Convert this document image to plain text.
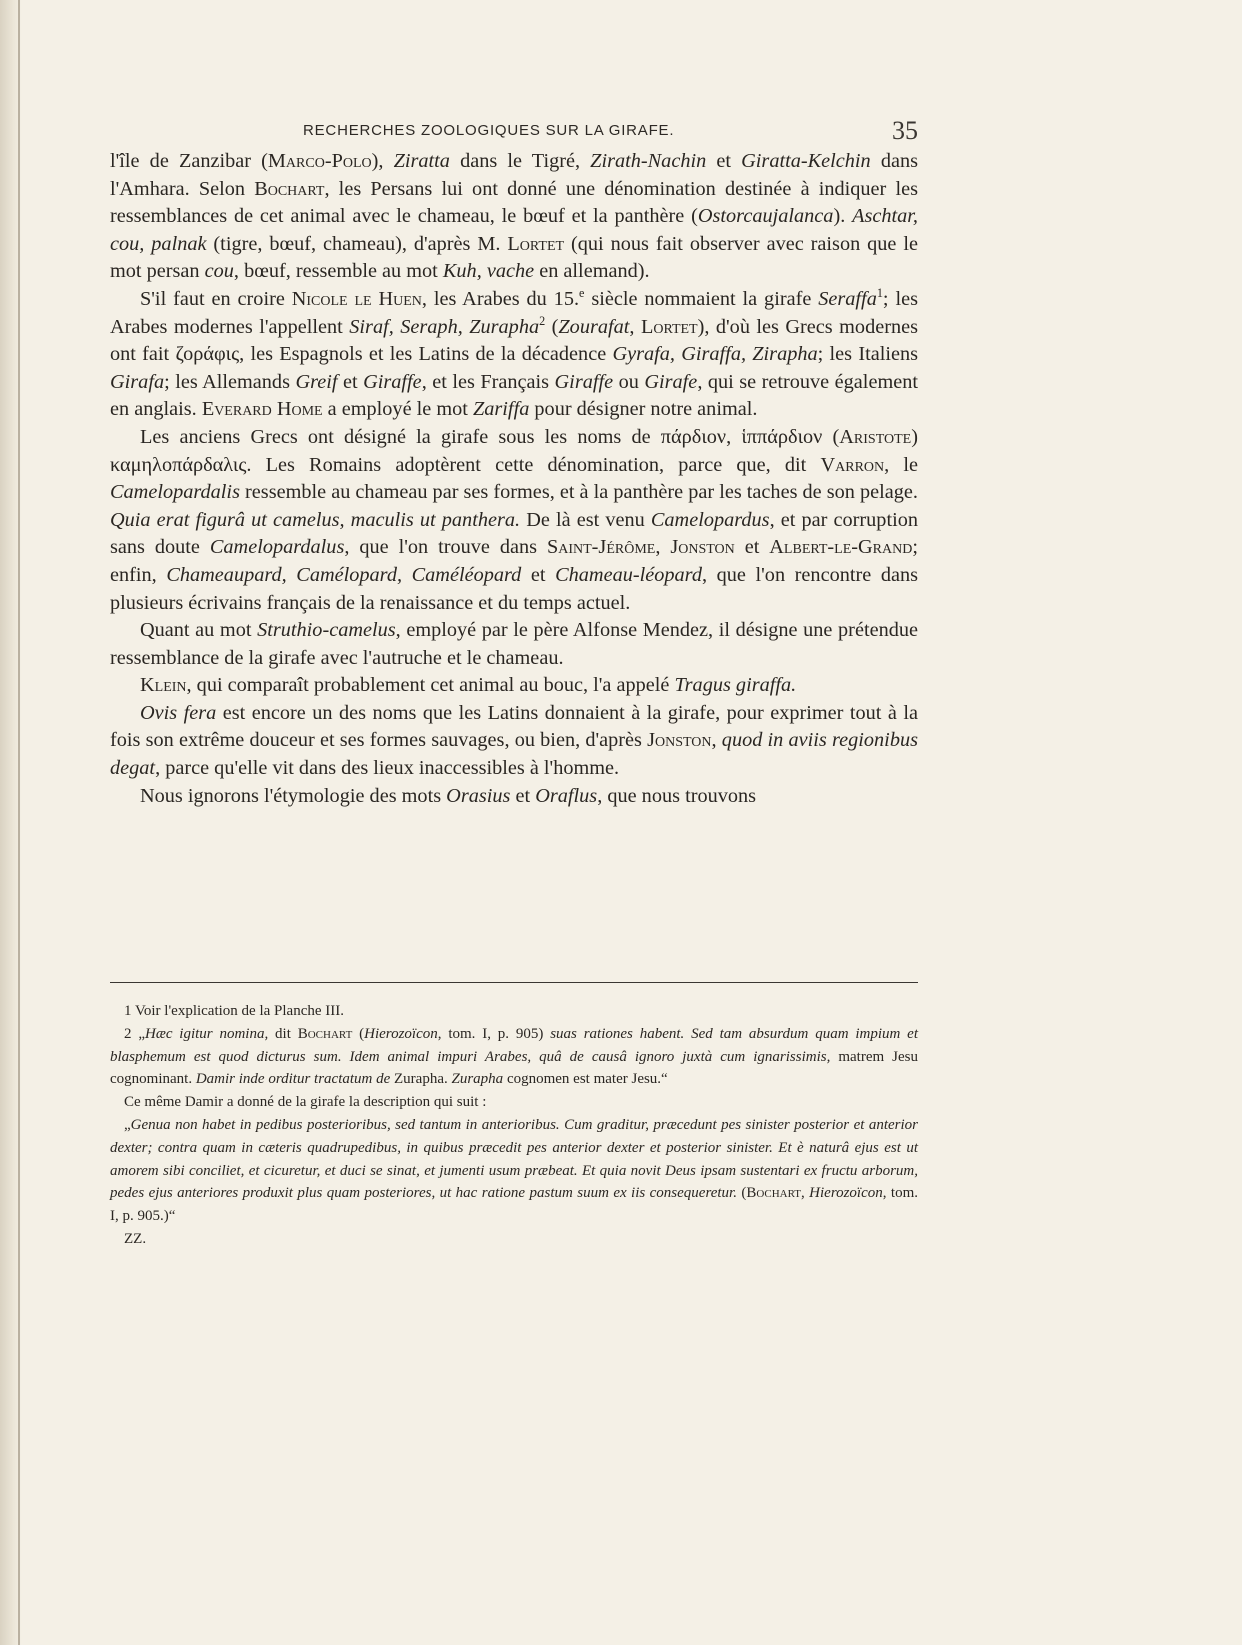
RECHERCHES ZOOLOGIQUES SUR LA GIRAFE.	35

l'île de Zanzibar (Marco-Polo), Ziratta dans le Tigré, Zirath-Nachin et Giratta-Kelchin dans l'Amhara. Selon Bochart, les Persans lui ont donné une dénomination destinée à indiquer les ressemblances de cet animal avec le chameau, le bœuf et la panthère (Ostorcaujalanca). Aschtar, cou, palnak (tigre, bœuf, chameau), d'après M. Lortet (qui nous fait observer avec raison que le mot persan cou, bœuf, ressemble au mot Kuh, vache en allemand).

S'il faut en croire Nicole le Huen, les Arabes du 15.$^e$ siècle nommaient la girafe Seraffa$^1$; les Arabes modernes l'appellent Siraf, Seraph, Zurapha$^2$ (Zourafat, Lortet), d'où les Grecs modernes ont fait ζοράφις, les Espagnols et les Latins de la décadence Gyrafa, Giraffa, Zirapha; les Italiens Girafa; les Allemands Greif et Giraffe, et les Français Giraffe ou Girafe, qui se retrouve également en anglais. Everard Home a employé le mot Zariffa pour désigner notre animal.

Les anciens Grecs ont désigné la girafe sous les noms de πάρδιον, ἱππάρδιον (Aristote) καμηλοπάρδαλις. Les Romains adoptèrent cette dénomination, parce que, dit Varron, le Camelopardalis ressemble au chameau par ses formes, et à la panthère par les taches de son pelage. Quia erat figurâ ut camelus, maculis ut panthera. De là est venu Camelopardus, et par corruption sans doute Camelopardalus, que l'on trouve dans Saint-Jérôme, Jonston et Albert-le-Grand; enfin, Chameaupard, Camélopard, Caméléopard et Chameau-léopard, que l'on rencontre dans plusieurs écrivains français de la renaissance et du temps actuel.

Quant au mot Struthio-camelus, employé par le père Alfonse Mendez, il désigne une prétendue ressemblance de la girafe avec l'autruche et le chameau.

Klein, qui comparaît probablement cet animal au bouc, l'a appelé Tragus giraffa.

Ovis fera est encore un des noms que les Latins donnaient à la girafe, pour exprimer tout à la fois son extrême douceur et ses formes sauvages, ou bien, d'après Jonston, quod in aviis regionibus degat, parce qu'elle vit dans des lieux inaccessibles à l'homme.

Nous ignorons l'étymologie des mots Orasius et Oraflus, que nous trouvons

1 Voir l'explication de la Planche III.

2 „Hæc igitur nomina, dit Bochart (Hierozoïcon, tom. I, p. 905) suas rationes habent. Sed tam absurdum quam impium et blasphemum est quod dicturus sum. Idem animal impuri Arabes, quâ de causâ ignoro juxtà cum ignarissimis, matrem Jesu cognominant. Damir inde orditur tractatum de Zurapha. Zurapha cognomen est mater Jesu.“

Ce même Damir a donné de la girafe la description qui suit :

„Genua non habet in pedibus posterioribus, sed tantum in anterioribus. Cum graditur, præcedunt pes sinister posterior et anterior dexter; contra quam in cæteris quadrupedibus, in quibus præcedit pes anterior dexter et posterior sinister. Et è naturâ ejus est ut amorem sibi conciliet, et cicuretur, et duci se sinat, et jumenti usum præbeat. Et quia novit Deus ipsam sustentari ex fructu arborum, pedes ejus anteriores produxit plus quam posteriores, ut hac ratione pastum suum ex iis consequeretur. (Bochart, Hierozoïcon, tom. I, p. 905.)“

ZZ.
